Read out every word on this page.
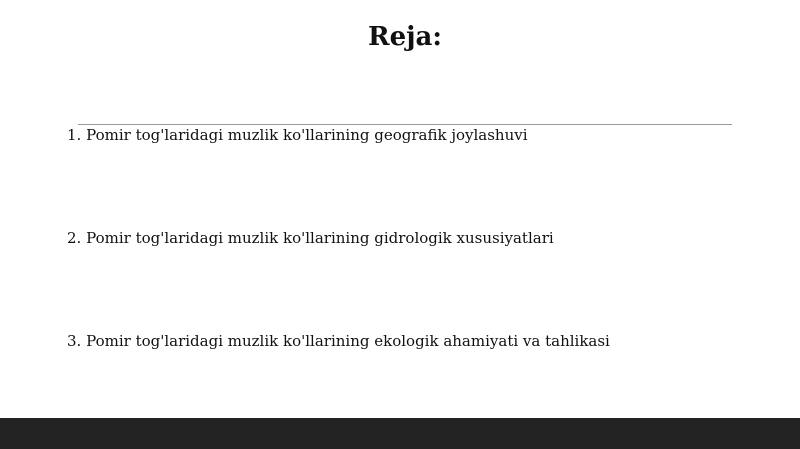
Reja:
1. Pomir tog'laridagi muzlik ko'llarining geografik joylashuvi
2. Pomir tog'laridagi muzlik ko'llarining gidrologik xususiyatlari
3. Pomir tog'laridagi muzlik ko'llarining ekologik ahamiyati va tahlikasi
